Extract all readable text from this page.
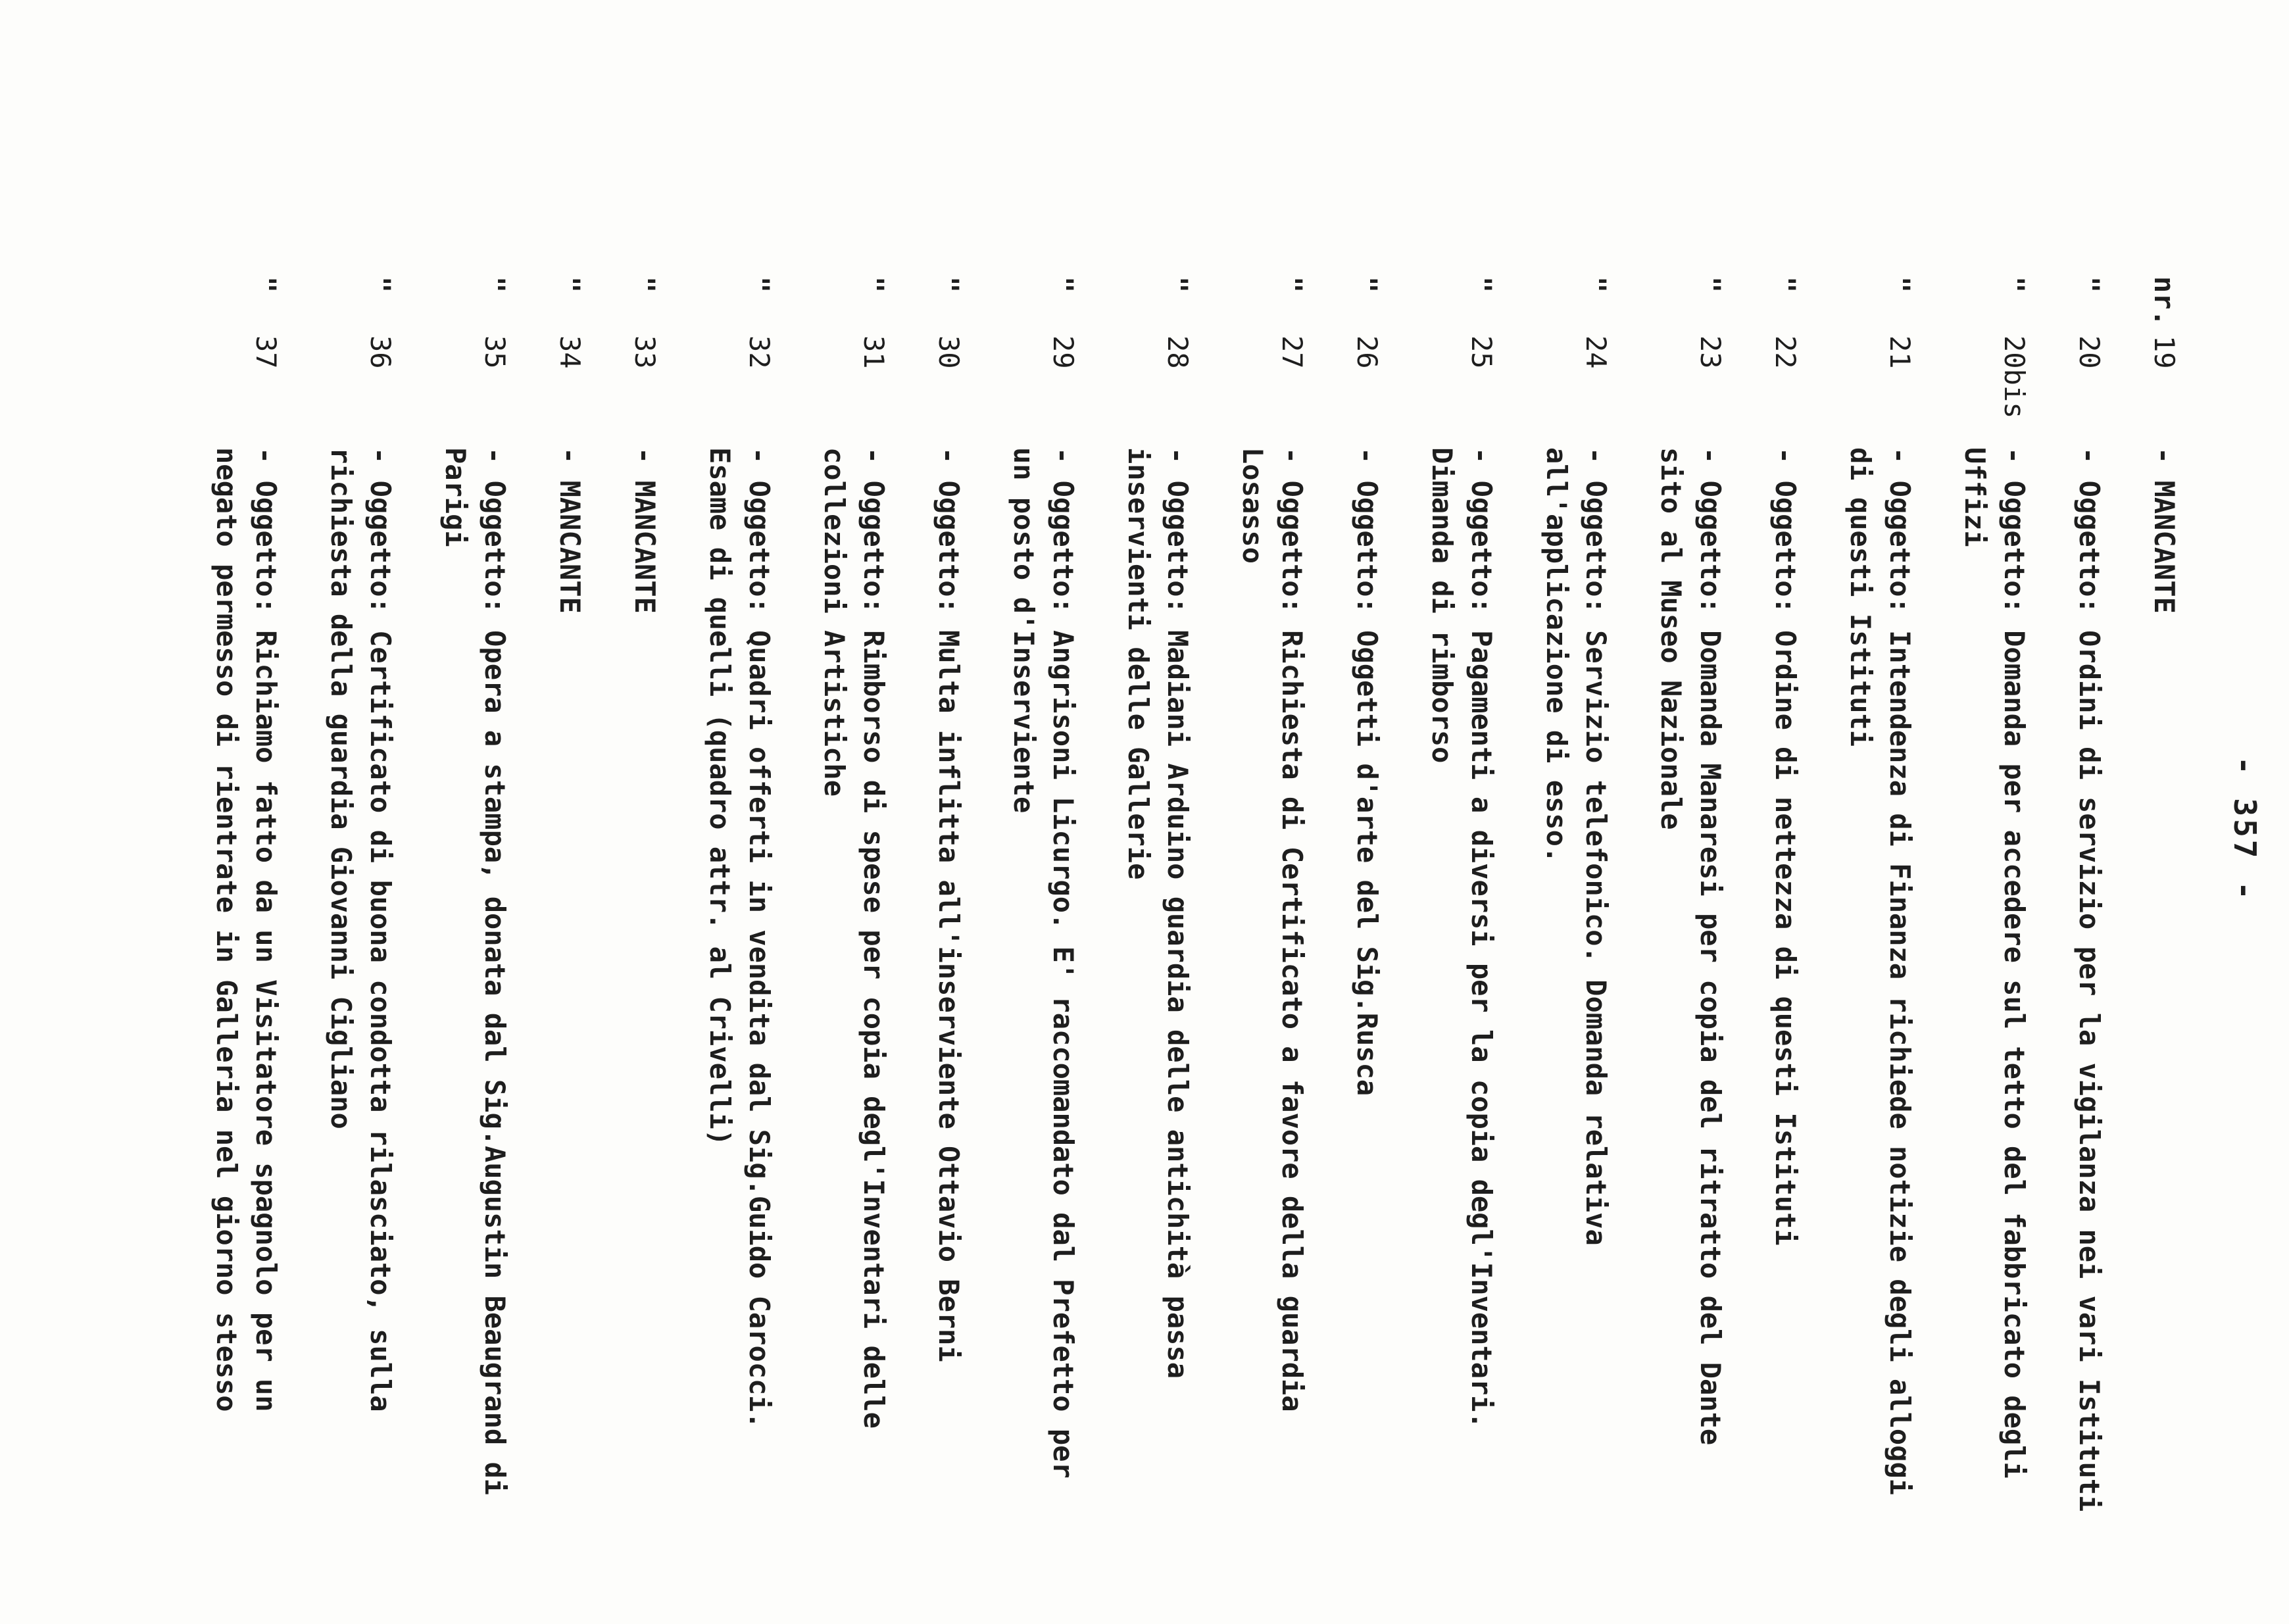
- 357 -

nr.
19
- MANCANTE
"
20
- Oggetto: Ordini di servizio per la vigilanza nei vari Istituti
"
20bis
- Oggetto: Domanda per accedere sul tetto del fabbricato degli Uffizi
"
21
- Oggetto: Intendenza di Finanza richiede notizie degli alloggi di questi Istituti
"
22
- Oggetto: Ordine di nettezza di questi Istituti
"
23
- Oggetto: Domanda Manaresi per copia del ritratto del Dante sito al Museo Nazionale
"
24
- Oggetto: Servizio telefonico. Domanda relativa all'applicazione di esso.
"
25
- Oggetto: Pagamenti a diversi per la copia degl'Inventari. Dimanda di rimborso
"
26
- Oggetto: Oggetti d'arte del Sig.Rusca
"
27
- Oggetto: Richiesta di Certificato a favore della guardia Losasso
"
28
- Oggetto: Madiani Arduino guardia delle antichità passa inservienti delle Gallerie
"
29
- Oggetto: Angrisoni Licurgo. E' raccomandato dal Prefetto per un posto d'Inserviente
"
30
- Oggetto: Multa inflitta all'inserviente Ottavio Berni
"
31
- Oggetto: Rimborso di spese per copia degl'Inventari delle collezioni Artistiche
"
32
- Oggetto: Quadri offerti in vendita dal Sig.Guido Carocci. Esame di quelli (quadro attr. al Crivelli)
"
33
- MANCANTE
"
34
- MANCANTE
"
35
- Oggetto: Opera a stampa, donata dal Sig.Augustin Beaugrand di Parigi
"
36
- Oggetto: Certificato di buona condotta rilasciato, sulla richiesta della guardia Giovanni Cigliano
"
37
- Oggetto: Richiamo fatto da un Visitatore spagnolo per un negato permesso di rientrate in Galleria nel giorno stesso
